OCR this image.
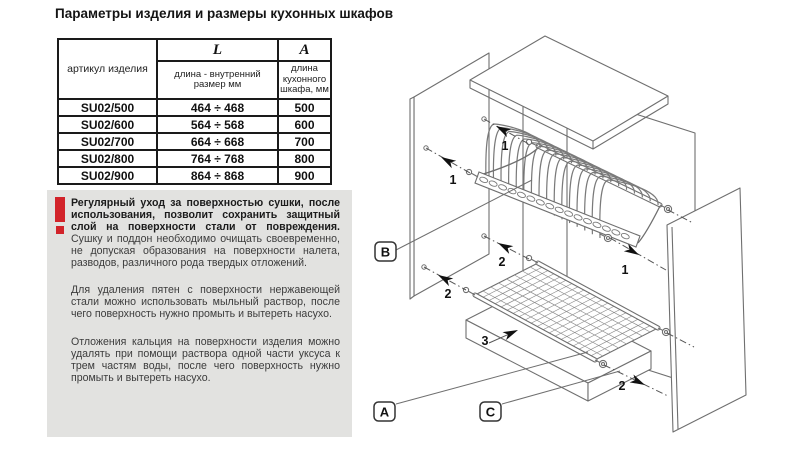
Параметры изделия и размеры кухонных шкафов
артикул изделия	L	A
	длина - внутренний размер мм	длина кухонного шкафа, мм
SU02/500	464 ÷ 468	500
SU02/600	564 ÷ 568	600
SU02/700	664 ÷ 668	700
SU02/800	764 ÷ 768	800
SU02/900	864 ÷ 868	900

Регулярный уход за поверхностью сушки, после использования, позволит сохранить защитный слой на поверхности стали от повреждения. Сушку и поддон необходимо очищать своевременно, не допуская образования на поверхности налета, разводов, различного рода твердых отложений.

Для удаления пятен с поверхности нержавеющей стали можно использовать мыльный раствор, после чего поверхность нужно промыть и вытереть насухо.

Отложения кальция на поверхности изделия можно удалять при помощи раствора одной части уксуса к трем частям воды, после чего поверхность нужно промыть и вытереть насухо.

1
1
1
2
2
2
3
B
A	C
